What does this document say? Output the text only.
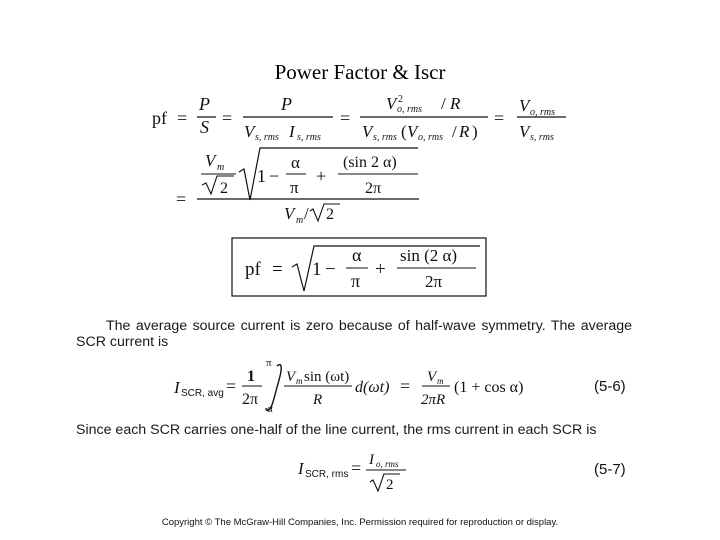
Power Factor & Iscr
pf =
P
S =
P
V s, rms I s, rms
=
V 2
o, rms / R
V s, rms ( V o, rms / R )
=
V o, rms
V s, rms
=
V m
2
1 −
α
π
+
(sin 2 α)
2π
V m / 2
pf = 1 −
α
π
+
sin (2 α)
2π
I SCR, avg = 1
2π
π
α
V m sin (ωt)
R
d(ωt) = V m
2πR
(1 + cos α)	(5-6)
I SCR, rms = I o, rms
2
(5-7)
The average source current is zero because of half-wave symmetry. The average SCR current is
Since each SCR carries one-half of the line current, the rms current in each SCR is
Copyright © The McGraw-Hill Companies, Inc. Permission required for reproduction or display.
